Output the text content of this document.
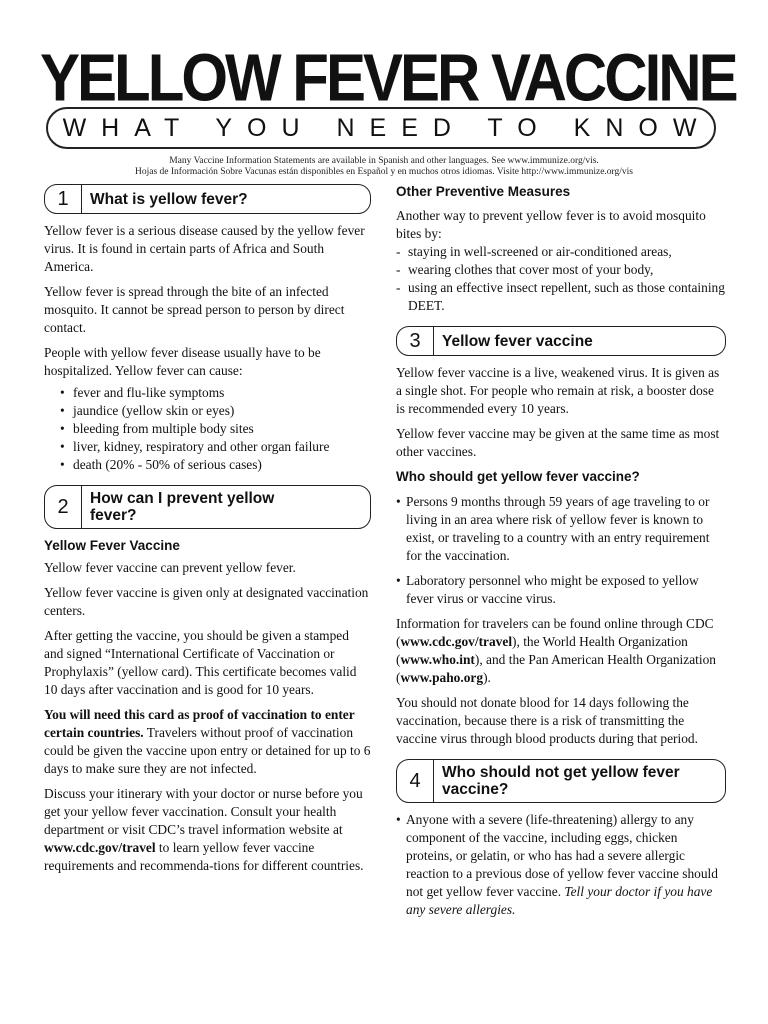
YELLOW FEVER VACCINE
WHAT YOU NEED TO KNOW
Many Vaccine Information Statements are available in Spanish and other languages. See www.immunize.org/vis.
Hojas de Información Sobre Vacunas están disponibles en Español y en muchos otros idiomas. Visite http://www.immunize.org/vis
1	What is yellow fever?

Yellow fever is a serious disease caused by the yellow fever virus. It is found in certain parts of Africa and South America.

Yellow fever is spread through the bite of an infected mosquito. It cannot be spread person to person by direct contact.

People with yellow fever disease usually have to be hospitalized. Yellow fever can cause:

• fever and flu-like symptoms
• jaundice (yellow skin or eyes)
• bleeding from multiple body sites
• liver, kidney, respiratory and other organ failure
• death (20% - 50% of serious cases)
2	How can I prevent yellow fever?
Yellow Fever Vaccine

Yellow fever vaccine can prevent yellow fever.

Yellow fever vaccine is given only at designated vaccination centers.

After getting the vaccine, you should be given a stamped and signed “International Certificate of Vaccination or Prophylaxis” (yellow card). This certificate becomes valid 10 days after vaccination and is good for 10 years.

You will need this card as proof of vaccination to enter certain countries. Travelers without proof of vaccination could be given the vaccine upon entry or detained for up to 6 days to make sure they are not infected.

Discuss your itinerary with your doctor or nurse before you get your yellow fever vaccination. Consult your health department or visit CDC’s travel information website at www.cdc.gov/travel to learn yellow fever vaccine requirements and recommenda-tions for different countries.

Other Preventive Measures

Another way to prevent yellow fever is to avoid mosquito bites by:

- staying in well-screened or air-conditioned areas,
- wearing clothes that cover most of your body,
- using an effective insect repellent, such as those containing DEET.
3	Yellow fever vaccine

Yellow fever vaccine is a live, weakened virus. It is given as a single shot. For people who remain at risk, a booster dose is recommended every 10 years.

Yellow fever vaccine may be given at the same time as most other vaccines.

Who should get yellow fever vaccine?
• Persons 9 months through 59 years of age traveling to or living in an area where risk of yellow fever is known to exist, or traveling to a country with an entry requirement for the vaccination.
• Laboratory personnel who might be exposed to yellow fever virus or vaccine virus.

Information for travelers can be found online through CDC (www.cdc.gov/travel), the World Health Organization (www.who.int), and the Pan American Health Organization (www.paho.org).

You should not donate blood for 14 days following the vaccination, because there is a risk of transmitting the vaccine virus through blood products during that period.

4	Who should not get yellow fever vaccine?
• Anyone with a severe (life-threatening) allergy to any component of the vaccine, including eggs, chicken proteins, or gelatin, or who has had a severe allergic reaction to a previous dose of yellow fever vaccine should not get yellow fever vaccine. Tell your doctor if you have any severe allergies.
